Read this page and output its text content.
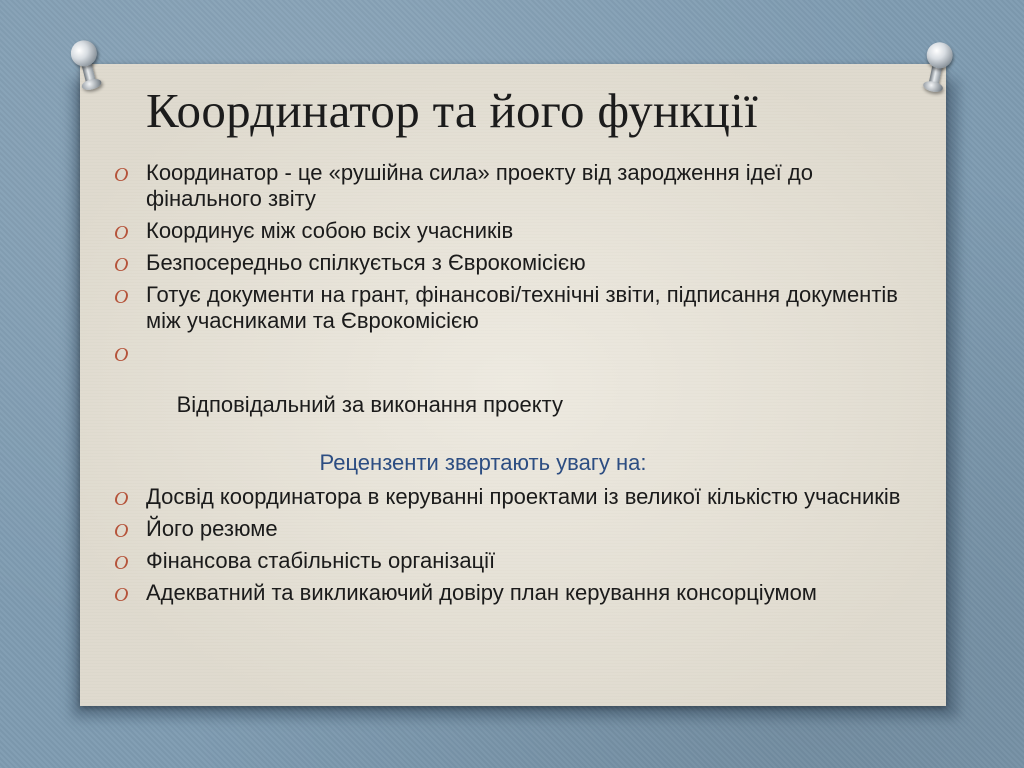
Координатор та його функції
O Координатор - це «рушійна сила» проекту від зародження ідеї до фінального звіту
O Координує між собою всіх учасників
O Безпосередньо спілкується з Єврокомісією
O Готує документи на грант, фінансові/технічні звіти, підписання документів між учасниками та Єврокомісією

O

Відповідальний за виконання проекту

Рецензенти звертають увагу на:
O Досвід координатора в керуванні проектами із великої кількістю учасників
O Його резюме
O Фінансова стабільність організації
O Адекватний та викликаючий довіру план керування консорціумом
